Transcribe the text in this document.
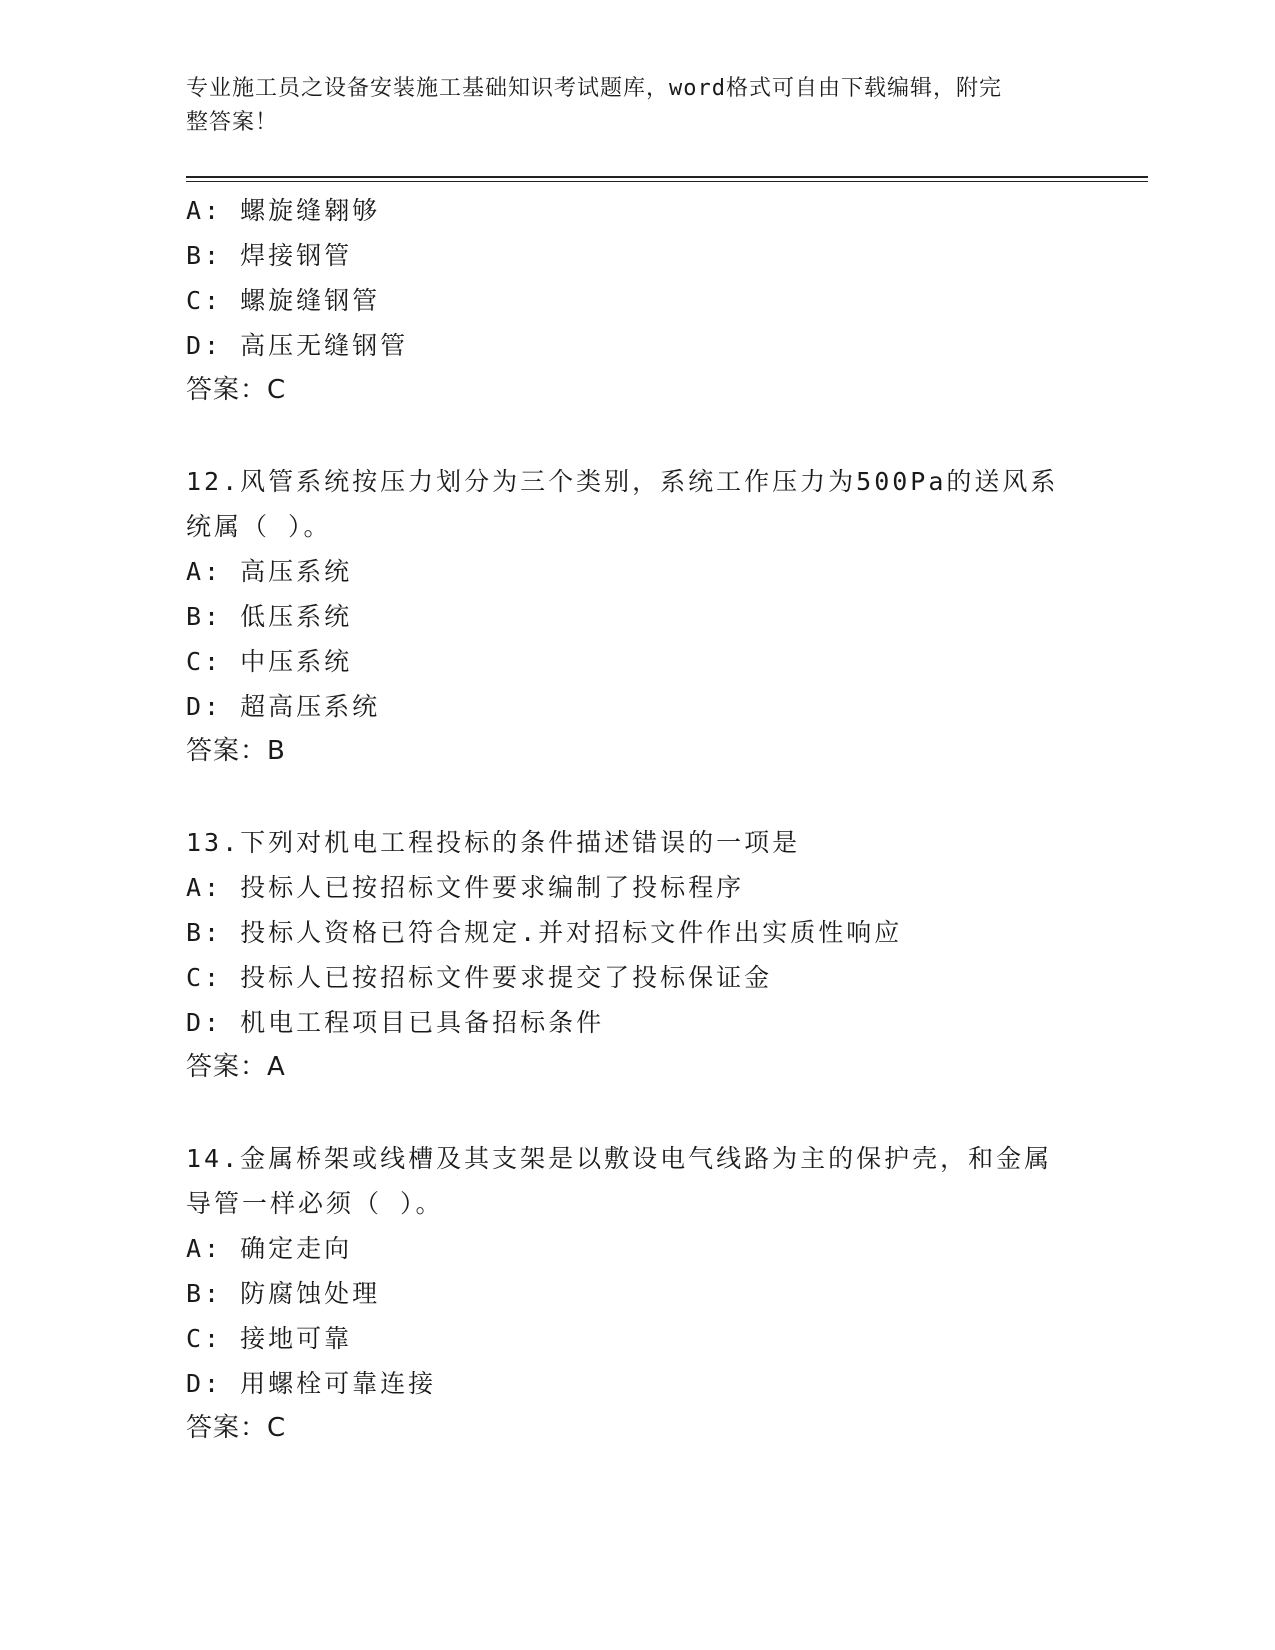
专业施工员之设备安装施工基础知识考试题库，word格式可自由下载编辑，附完
整答案！
A: 螺旋缝翱够
B: 焊接钢管
C: 螺旋缝钢管
D: 高压无缝钢管
答案：C
12.风管系统按压力划分为三个类别，系统工作压力为500Pa的送风系
统属（ ）。
A: 高压系统
B: 低压系统
C: 中压系统
D: 超高压系统
答案：B
13.下列对机电工程投标的条件描述错误的一项是
A: 投标人已按招标文件要求编制了投标程序
B: 投标人资格已符合规定.并对招标文件作出实质性响应
C: 投标人已按招标文件要求提交了投标保证金
D: 机电工程项目已具备招标条件
答案：A
14.金属桥架或线槽及其支架是以敷设电气线路为主的保护壳，和金属
导管一样必须（ ）。
A: 确定走向
B: 防腐蚀处理
C: 接地可靠
D: 用螺栓可靠连接
答案：C
